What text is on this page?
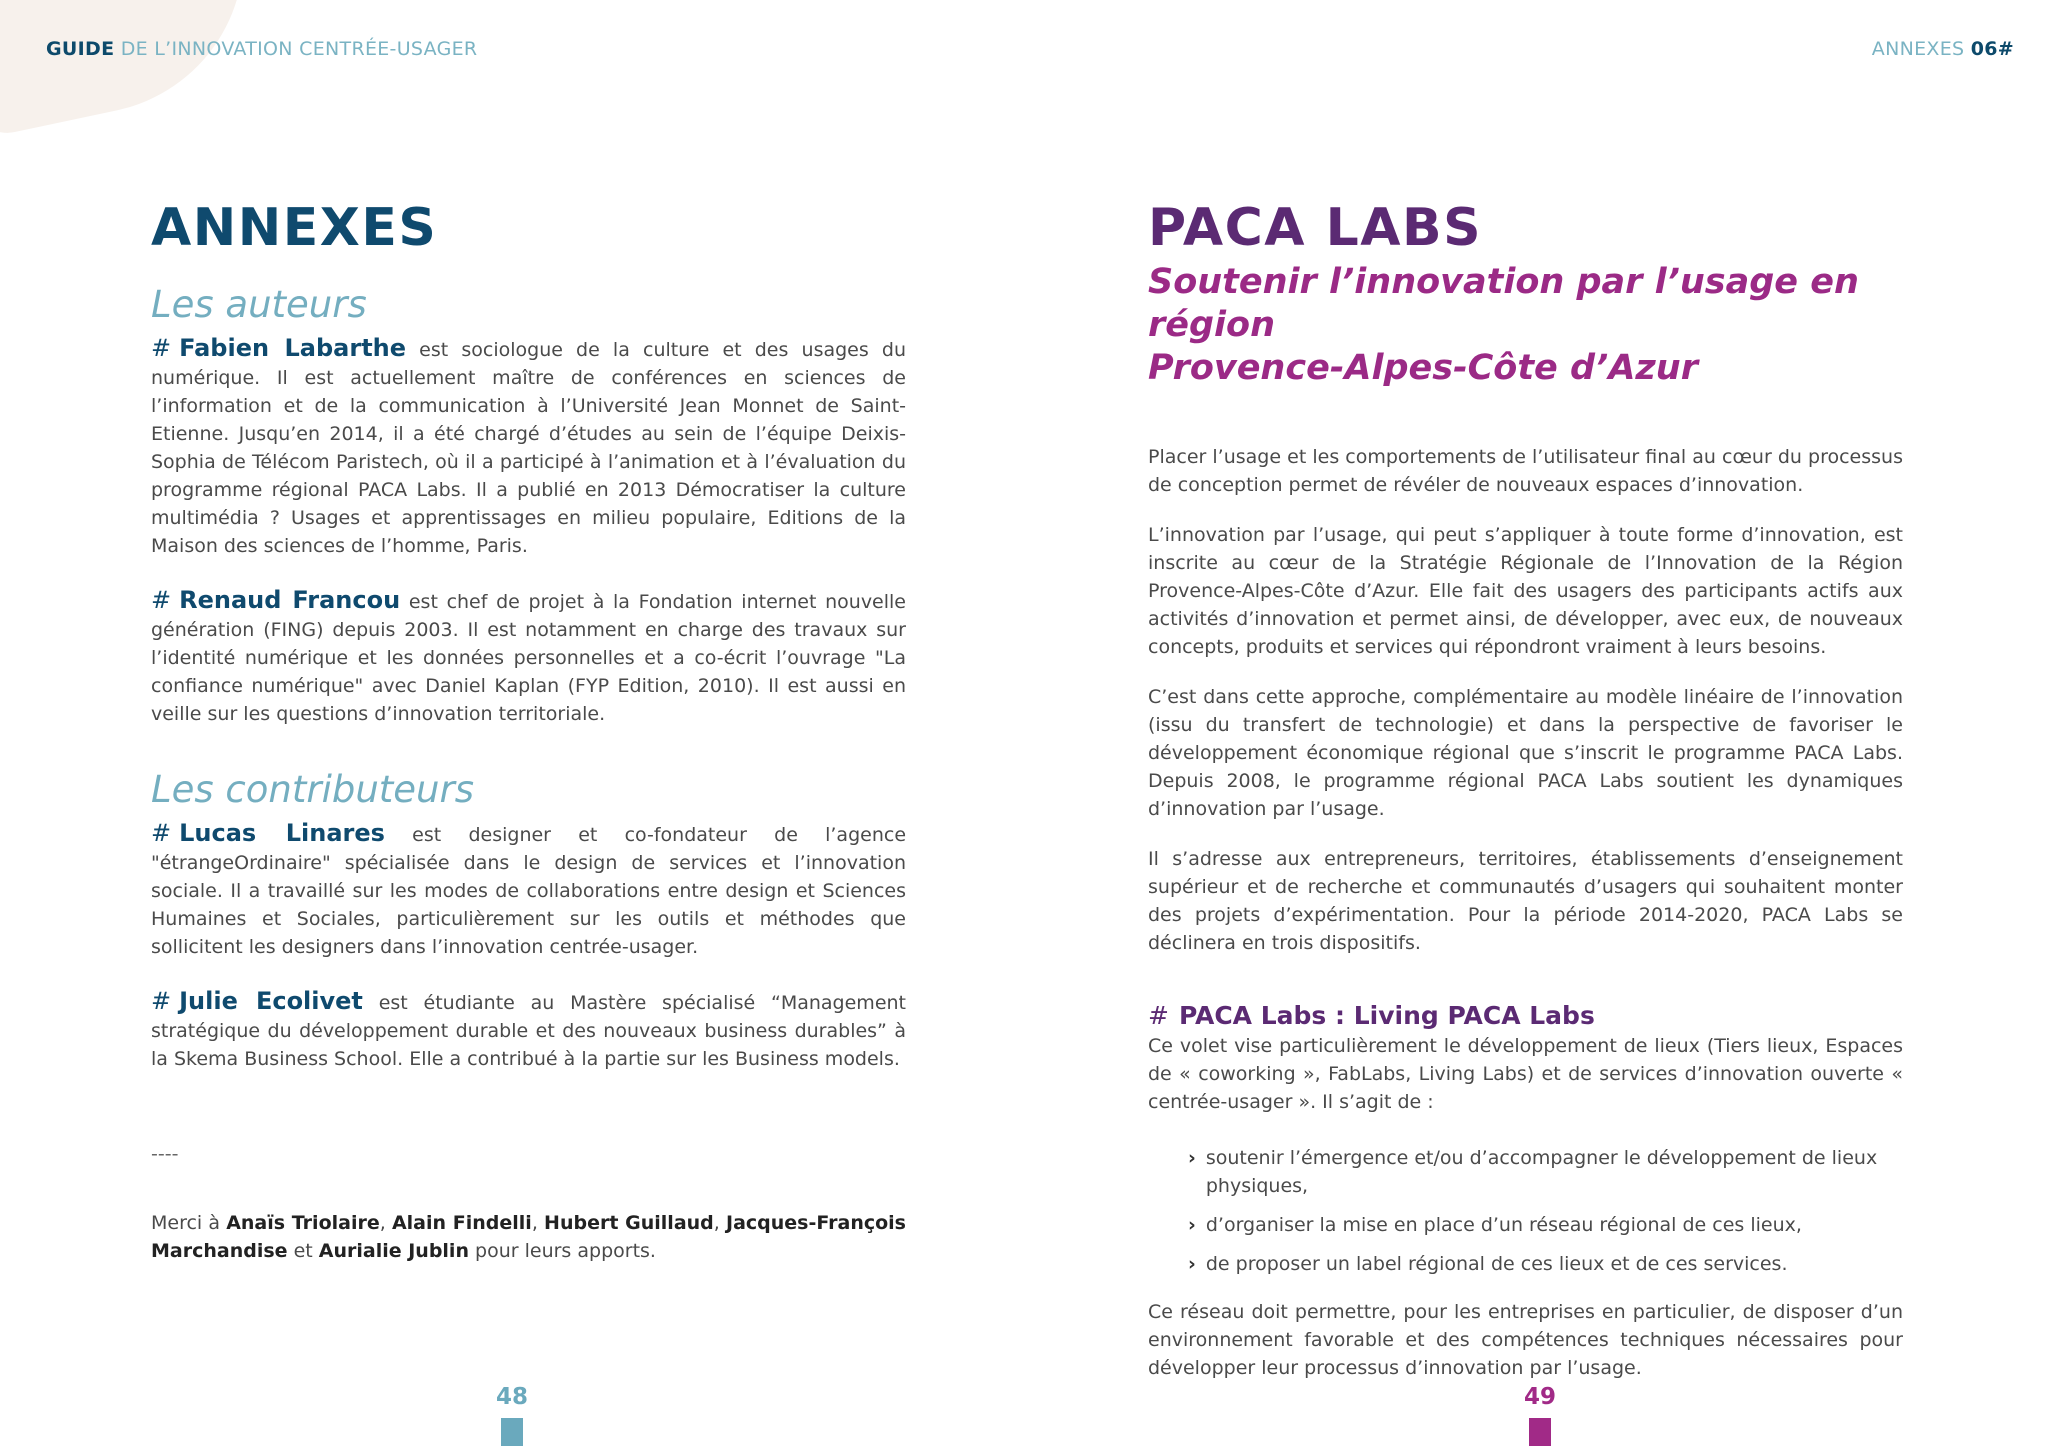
GUIDE DE L’INNOVATION CENTRÉE-USAGER	ANNEXES 06#
ANNEXES
Les auteurs

# Fabien Labarthe est sociologue de la culture et des usages du numérique. Il est actuellement maître de conférences en sciences de l’information et de la communication à l’Université Jean Monnet de Saint-Etienne. Jusqu’en 2014, il a été chargé d’études au sein de l’équipe Deixis-Sophia de Télécom Paristech, où il a participé à l’animation et à l’évaluation du programme régional PACA Labs. Il a publié en 2013 Démocratiser la culture multimédia ? Usages et apprentissages en milieu populaire, Editions de la Maison des sciences de l’homme, Paris.

# Renaud Francou est chef de projet à la Fondation internet nouvelle génération (FING) depuis 2003. Il est notamment en charge des travaux sur l’identité numérique et les données personnelles et a co-écrit l’ouvrage "La confiance numérique" avec Daniel Kaplan (FYP Edition, 2010). Il est aussi en veille sur les questions d’innovation territoriale.

Les contributeurs

# Lucas Linares est designer et co-fondateur de l’agence "étrangeOrdinaire" spécialisée dans le design de services et l’innovation sociale. Il a travaillé sur les modes de collaborations entre design et Sciences Humaines et Sociales, particulièrement sur les outils et méthodes que sollicitent les designers dans l’innovation centrée-usager.

# Julie Ecolivet est étudiante au Mastère spécialisé “Management stratégique du développement durable et des nouveaux business durables” à la Skema Business School. Elle a contribué à la partie sur les Business models.

----

Merci à Anaïs Triolaire, Alain Findelli, Hubert Guillaud, Jacques-François Marchandise et Aurialie Jublin pour leurs apports.

PACA LABS
Soutenir l’innovation par l’usage en région
Provence-Alpes-Côte d’Azur

Placer l’usage et les comportements de l’utilisateur final au cœur du processus de conception permet de révéler de nouveaux espaces d’innovation.

L’innovation par l’usage, qui peut s’appliquer à toute forme d’innovation, est inscrite au cœur de la Stratégie Régionale de l’Innovation de la Région Provence-Alpes-Côte d’Azur. Elle fait des usagers des participants actifs aux activités d’innovation et permet ainsi, de développer, avec eux, de nouveaux concepts, produits et services qui répondront vraiment à leurs besoins.

C’est dans cette approche, complémentaire au modèle linéaire de l’innovation (issu du transfert de technologie) et dans la perspective de favoriser le développement économique régional que s’inscrit le programme PACA Labs. Depuis 2008, le programme régional PACA Labs soutient les dynamiques d’innovation par l’usage.

Il s’adresse aux entrepreneurs, territoires, établissements d’enseignement supérieur et de recherche et communautés d’usagers qui souhaitent monter des projets d’expérimentation. Pour la période 2014-2020, PACA Labs se déclinera en trois dispositifs.

# PACA Labs : Living PACA Labs

Ce volet vise particulièrement le développement de lieux (Tiers lieux, Espaces de « coworking », FabLabs, Living Labs) et de services d’innovation ouverte « centrée-usager ». Il s’agit de :

› soutenir l’émergence et/ou d’accompagner le développement de lieux physiques,
› d’organiser la mise en place d’un réseau régional de ces lieux,
› de proposer un label régional de ces lieux et de ces services.

Ce réseau doit permettre, pour les entreprises en particulier, de disposer d’un environnement favorable et des compétences techniques nécessaires pour développer leur processus d’innovation par l’usage.

48	49
